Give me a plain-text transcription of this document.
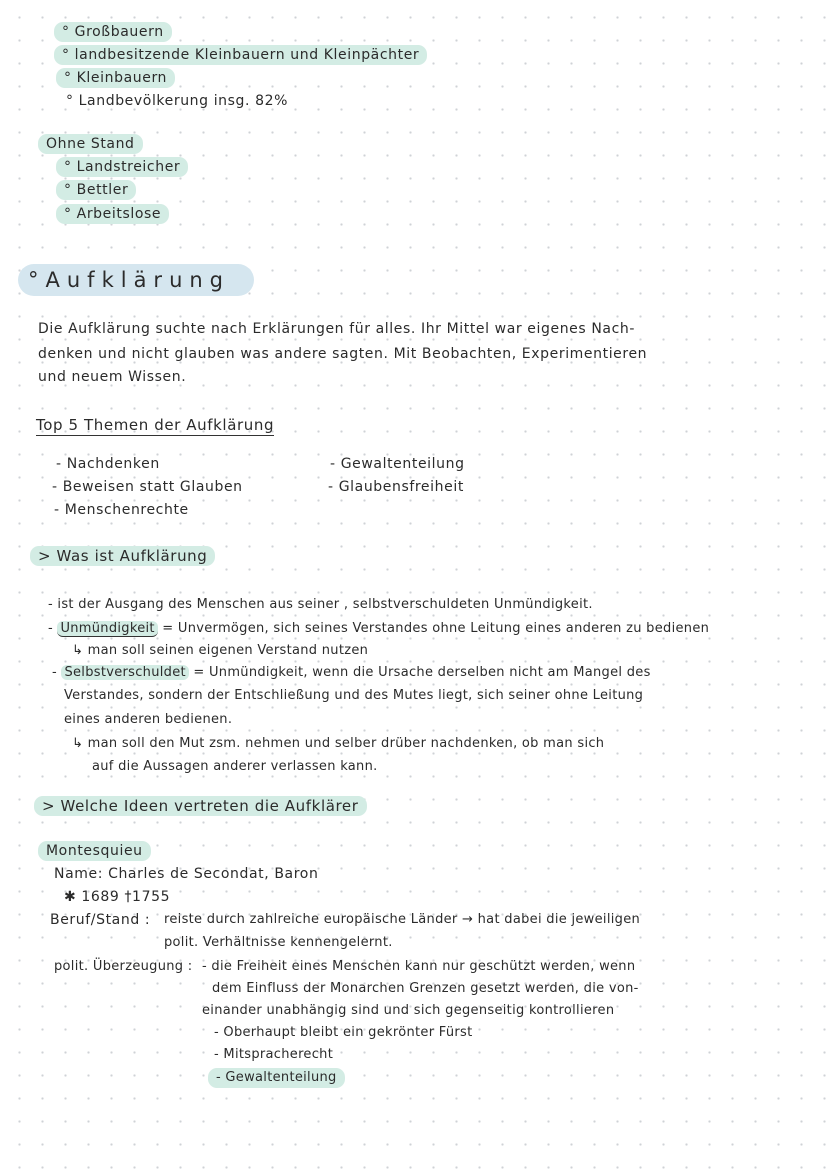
° Großbauern
° landbesitzende Kleinbauern und Kleinpächter
° Kleinbauern
° Landbevölkerung insg. 82%
Ohne Stand
° Landstreicher
° Bettler
° Arbeitslose
°Aufklärung
Die Aufklärung suchte nach Erklärungen für alles. Ihr Mittel war eigenes Nach-
denken und nicht glauben was andere sagten. Mit Beobachten, Experimentieren
und neuem Wissen.
Top 5 Themen der Aufklärung
- Nachdenken
- Beweisen statt Glauben
- Menschenrechte
- Gewaltenteilung
- Glaubensfreiheit
> Was ist Aufklärung
- ist der Ausgang des Menschen aus seiner , selbstverschuldeten Unmündigkeit.
- Unmündigkeit = Unvermögen, sich seines Verstandes ohne Leitung eines anderen zu bedienen
↳ man soll seinen eigenen Verstand nutzen
- Selbstverschuldet = Unmündigkeit, wenn die Ursache derselben nicht am Mangel des
Verstandes, sondern der Entschließung und des Mutes liegt, sich seiner ohne Leitung
eines anderen bedienen.
↳ man soll den Mut zsm. nehmen und selber drüber nachdenken, ob man sich
auf die Aussagen anderer verlassen kann.
> Welche Ideen vertreten die Aufklärer
Montesquieu
Name: Charles de Secondat, Baron
✱ 1689 †1755
Beruf/Stand : reiste durch zahlreiche europäische Länder → hat dabei die jeweiligen
polit. Verhältnisse kennengelernt.
polit. Überzeugung : - die Freiheit eines Menschen kann nur geschützt werden, wenn
dem Einfluss der Monarchen Grenzen gesetzt werden, die von-
einander unabhängig sind und sich gegenseitig kontrollieren
- Oberhaupt bleibt ein gekrönter Fürst
- Mitspracherecht
- Gewaltenteilung
